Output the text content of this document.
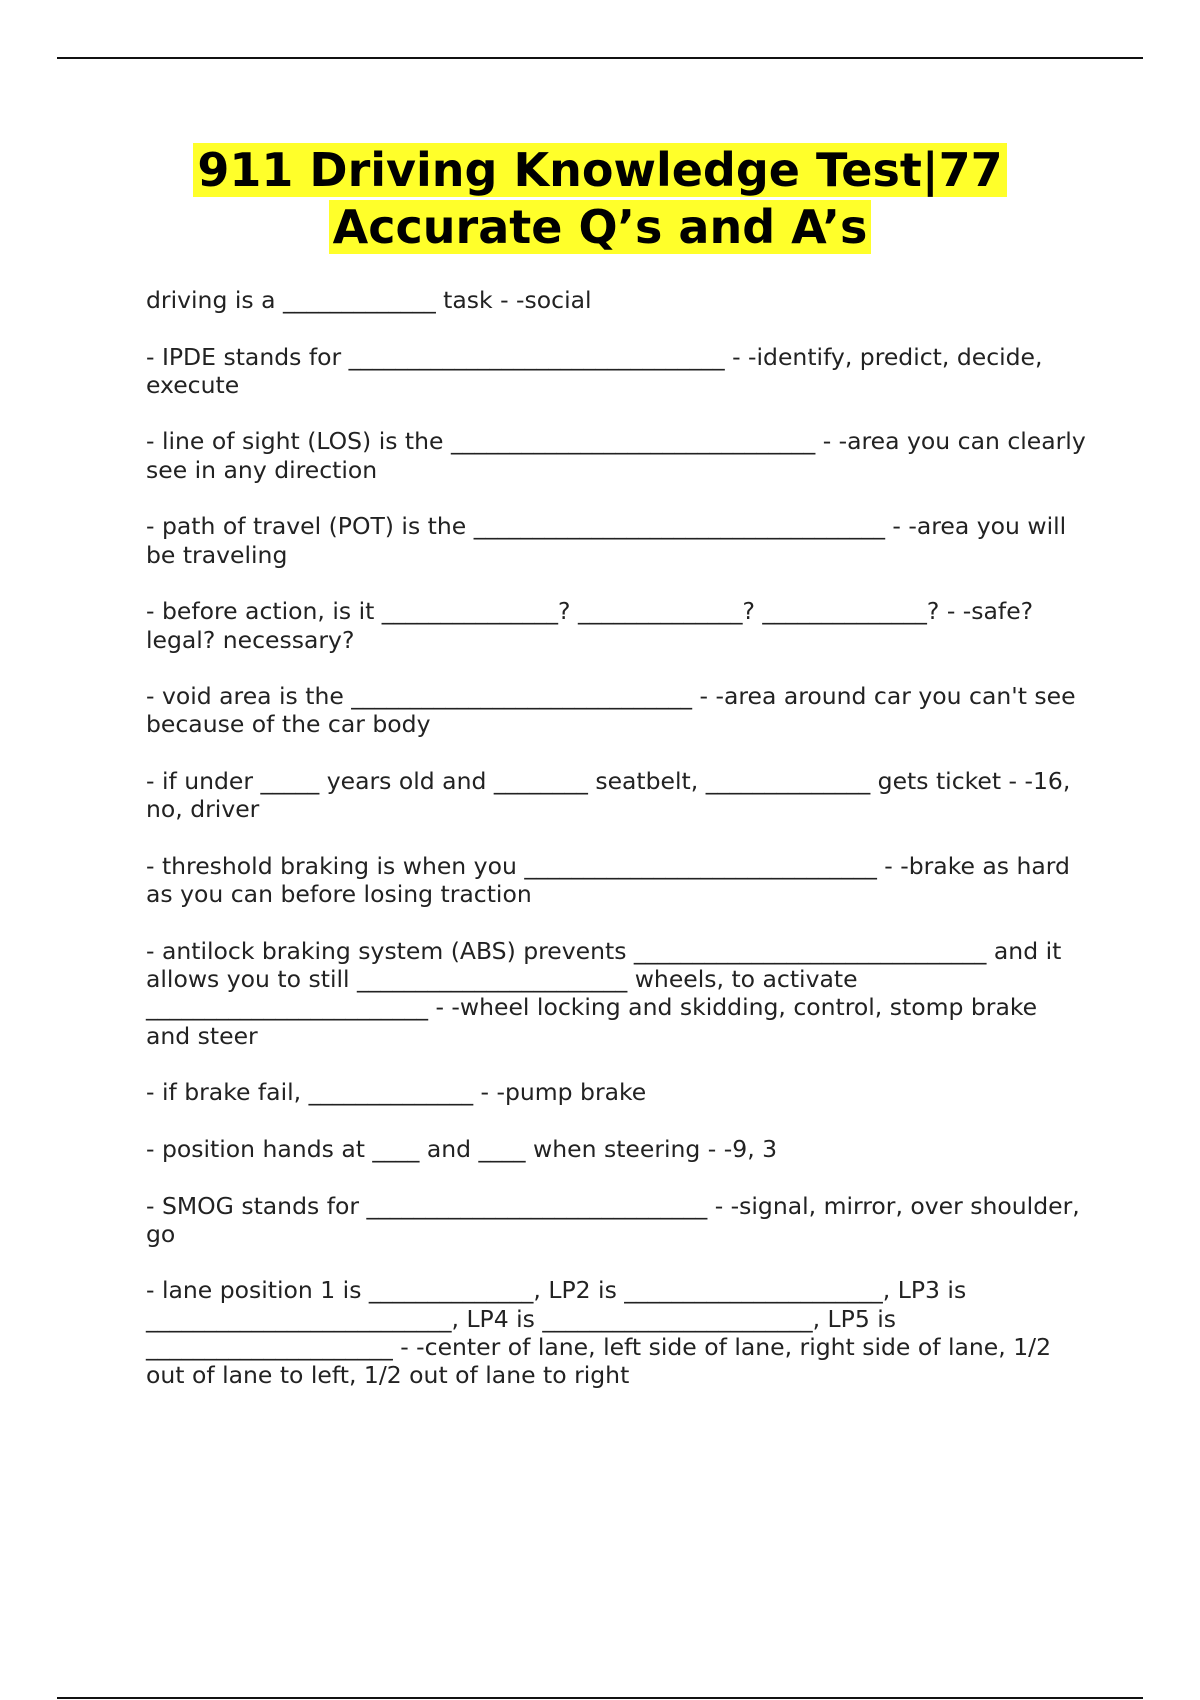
911 Driving Knowledge Test|77
Accurate Q’s and A’s

driving is a _____________ task - -social

- IPDE stands for ________________________________ - -identify, predict, decide, execute

- line of sight (LOS) is the _______________________________ - -area you can clearly see in any direction

- path of travel (POT) is the ___________________________________ - -area you will be traveling

- before action, is it _______________? ______________? ______________? - -safe? legal? necessary?

- void area is the _____________________________ - -area around car you can't see because of the car body

- if under _____ years old and ________ seatbelt, ______________ gets ticket - -16, no, driver

- threshold braking is when you ______________________________ - -brake as hard as you can before losing traction

- antilock braking system (ABS) prevents ______________________________ and it allows you to still _______________________ wheels, to activate ________________________ - -wheel locking and skidding, control, stomp brake and steer

- if brake fail, ______________ - -pump brake

- position hands at ____ and ____ when steering - -9, 3

- SMOG stands for _____________________________ - -signal, mirror, over shoulder, go

- lane position 1 is ______________, LP2 is ______________________, LP3 is __________________________, LP4 is _______________________, LP5 is _____________________ - -center of lane, left side of lane, right side of lane, 1/2 out of lane to left, 1/2 out of lane to right
